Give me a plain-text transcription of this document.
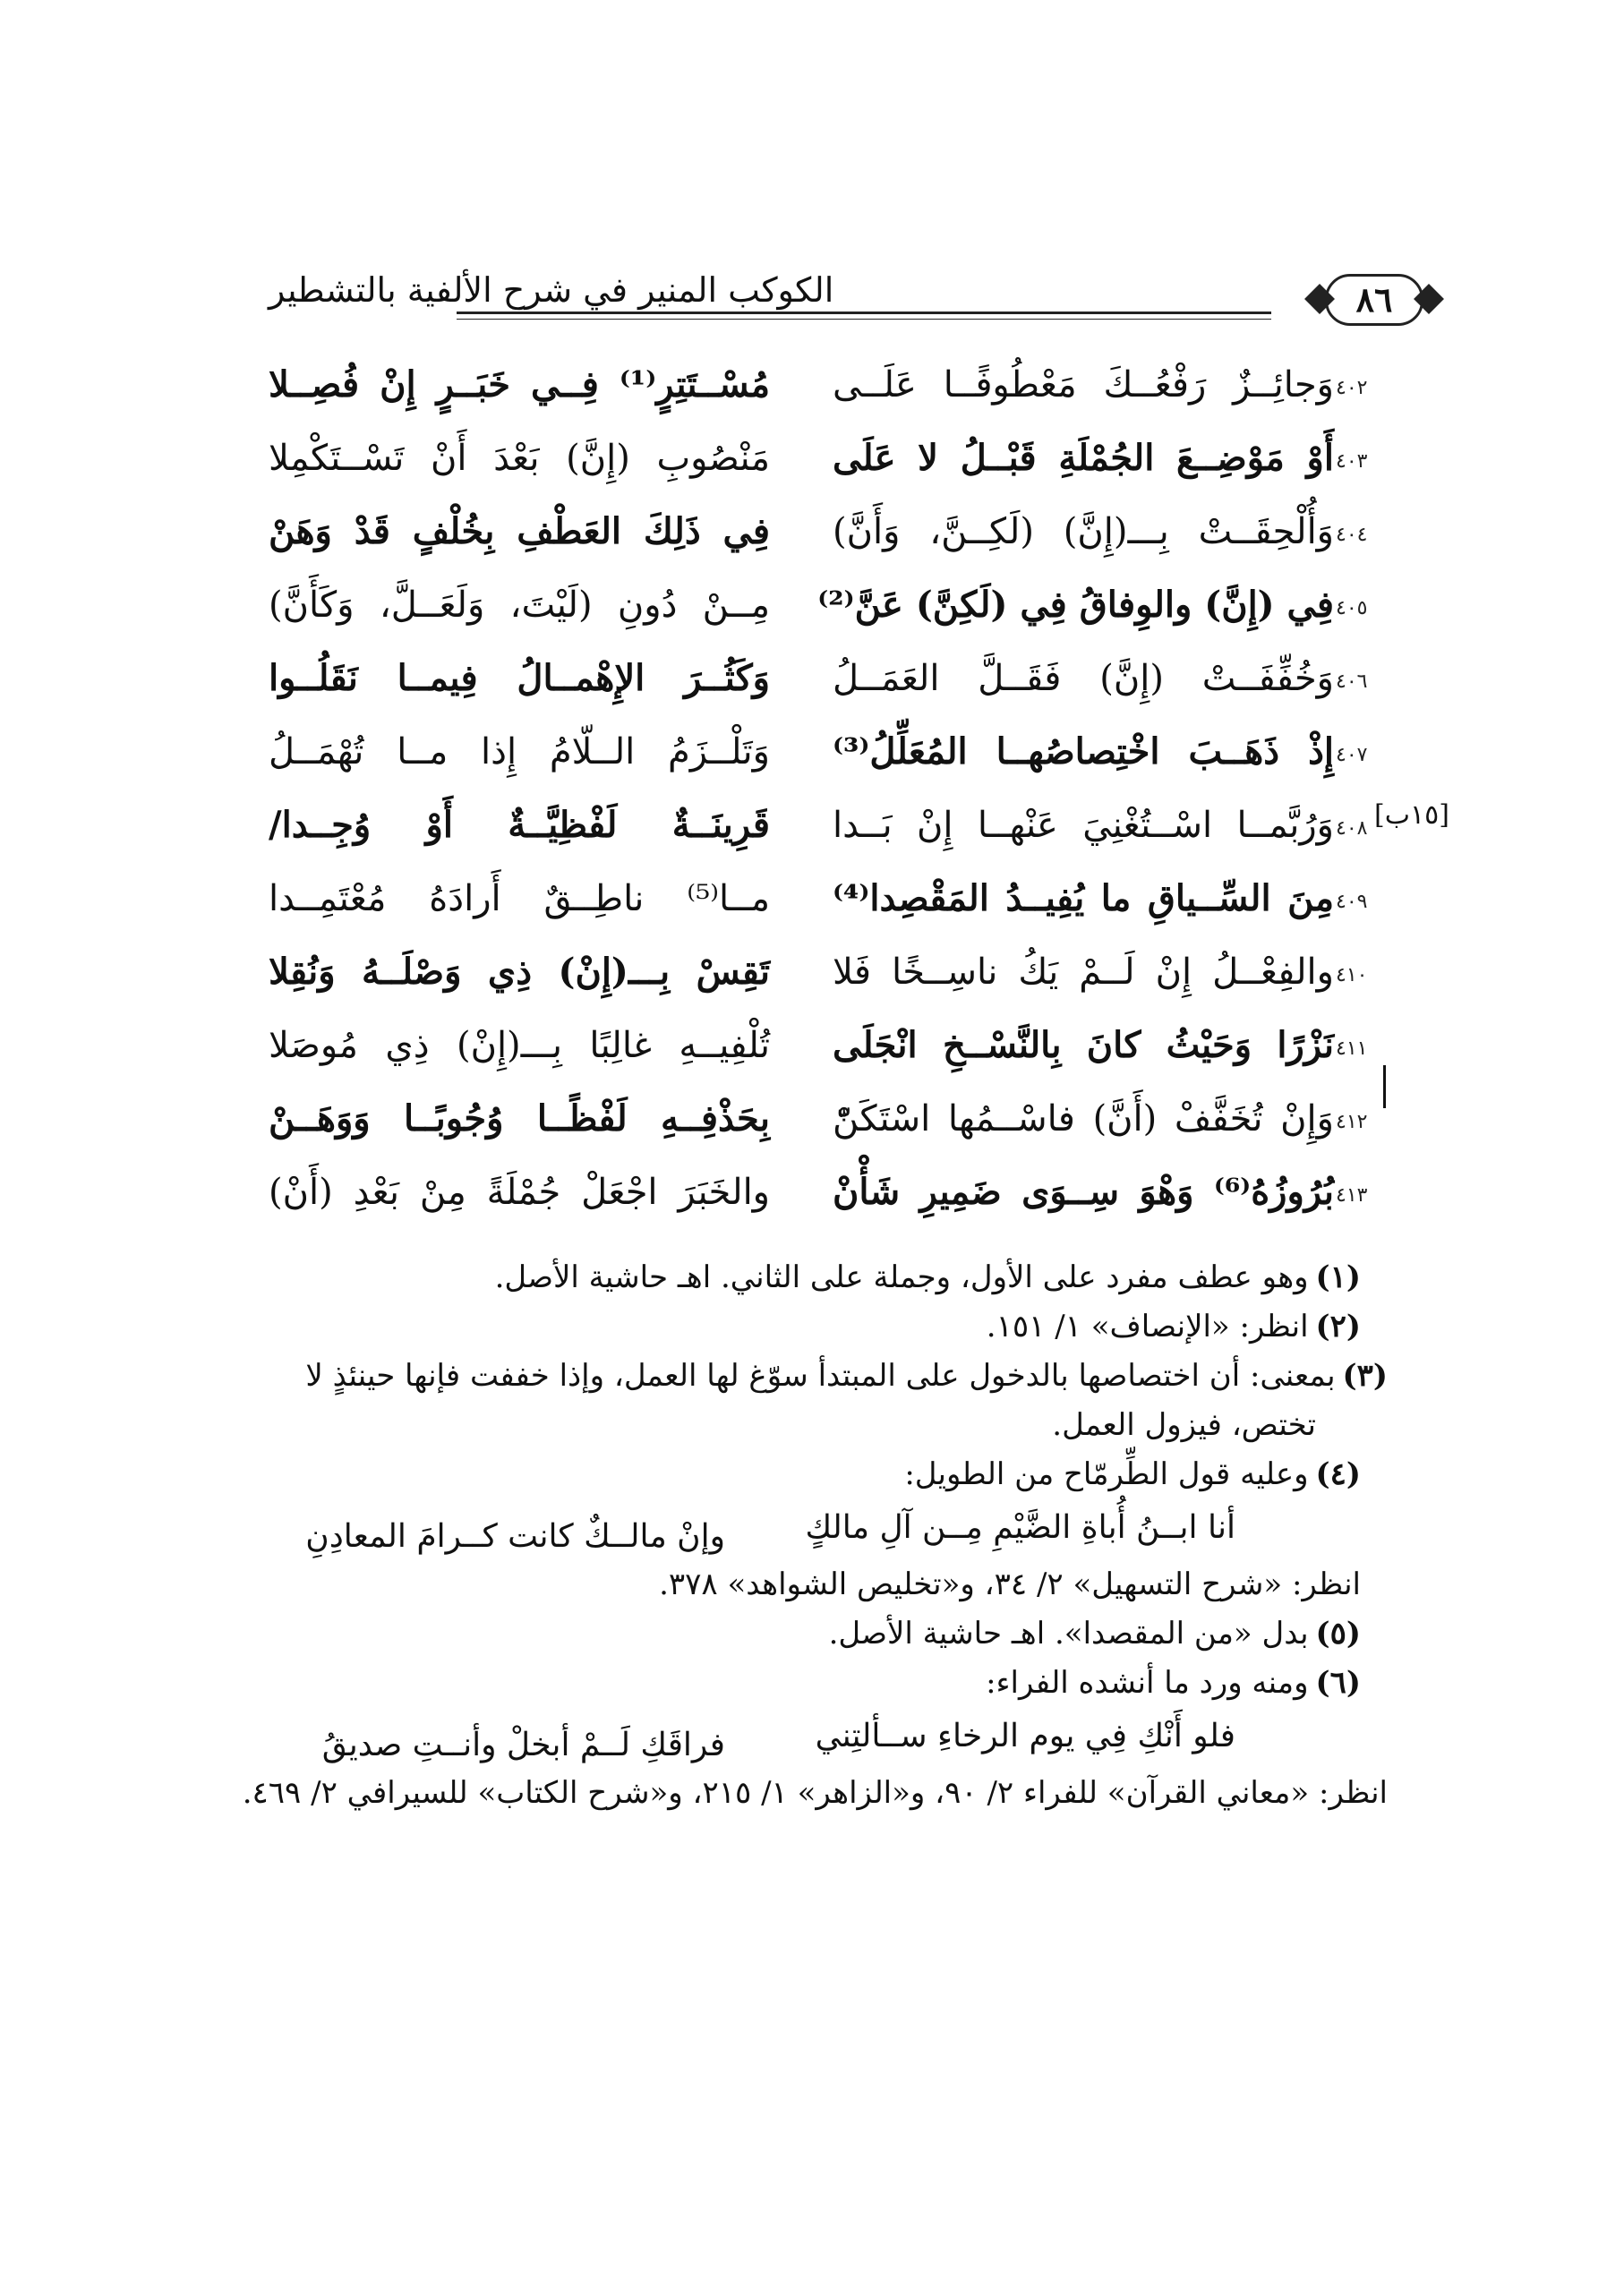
الكوكب المنير في شرح الألفية بالتشطير	٨٦
[١٥ب]
٤٠٢
وَجائِــزٌ رَفْعُــكَ مَعْطُوفًــا عَلَــى
مُسْــتَتِرٍ⁽¹⁾ فِــي خَبَــرٍ إِنْ فُصِــلا
٤٠٣
أَوْ مَوْضِــعَ الجُمْلَةِ قَبْــلُ لا عَلَى
مَنْصُوبِ (إِنَّ) بَعْدَ أَنْ تَسْــتَكْمِلا
٤٠٤
وَأُلْحِقَــتْ بِـــ(إِنَّ) (لَكِــنَّ، وَأَنَّ)
فِي ذَلِكَ العَطْفِ بِخُلْفٍ قَدْ وَهَنْ
٤٠٥
فِي (إِنَّ) والوِفاقُ فِي (لَكِنَّ) عَنَّ⁽²⁾
مِــنْ دُونِ (لَيْتَ، وَلَعَــلَّ، وَكَأَنَّ)
٤٠٦
وَخُفِّفَــتْ (إِنَّ) فَقَــلَّ العَمَــلُ
وَكَثُــرَ الإِهْمــالُ فِيمــا نَقَلُــوا
٤٠٧
إِذْ ذَهَــبَ اخْتِصاصُهــا المُعَلِّلُ⁽³⁾
وَتَلْــزَمُ الــلّامُ إِذا مــا تُهْمَــلُ
٤٠٨
وَرُبَّمــا اسْــتُغْنِيَ عَنْهــا إِنْ بَــدا
قَرِينَــةٌ لَفْظِيَّــةٌ أَوْ وُجِــدا/
٤٠٩
مِنَ السِّــياقِ ما يُفِيــدُ المَقْصِدا⁽⁴⁾
مــا⁽⁵⁾ ناطِــقٌ أَرادَهُ مُعْتَمِــدا
٤١٠
والفِعْــلُ إِنْ لَــمْ يَكُ ناسِــخًا فَلا
تَقِسْ بِـــ(إِنْ) ذِي وَصْلَــهُ وَنُقِلا
٤١١
نَزْرًا وَحَيْثُ كانَ بِالنَّسْــخِ انْجَلَى
تُلْفِيــهِ غالِبًا بِـــ(إِنْ) ذِي مُوصَلا
٤١٢
وَإِنْ تُخَفَّفْ (أَنَّ) فاسْــمُها اسْتَكَنّْ
بِحَذْفِــهِ لَفْظًــا وُجُوبًــا وَوَهَــنْ
٤١٣
بُرُوزُهُ⁽⁶⁾ وَهْوَ سِــوَى ضَمِيرِ شَأْنْ
والخَبَرَ اجْعَلْ جُمْلَةً مِنْ بَعْدِ (أَنْ)

(١)وهو عطف مفرد على الأول، وجملة على الثاني. اهـ حاشية الأصل.

(٢)انظر: «الإنصاف» ١/ ١٥١.

(٣)بمعنى: أن اختصاصها بالدخول على المبتدأ سوّغ لها العمل، وإذا خففت فإنها حينئذٍ لا

تختص، فيزول العمل.

(٤)وعليه قول الطِّرمّاح من الطويل:

أنا ابــنُ أُباةِ الضَّيْمِ مِــن آلِ مالكٍ
وإنْ مالــكٌ كانت كــرامَ المعادِنِ

انظر: «شرح التسهيل» ٢/ ٣٤، و«تخليص الشواهد» ٣٧٨.

(٥)بدل «من المقصدا». اهـ حاشية الأصل.

(٦)ومنه ورد ما أنشده الفراء:

فلو أَنْكِ فِي يوم الرخاءِ ســألتِني
فراقَكِ لَــمْ أبخلْ وأنــتِ صديقُ

انظر: «معاني القرآن» للفراء ٢/ ٩٠، و«الزاهر» ١/ ٢١٥، و«شرح الكتاب» للسيرافي ٢/ ٤٦٩.
